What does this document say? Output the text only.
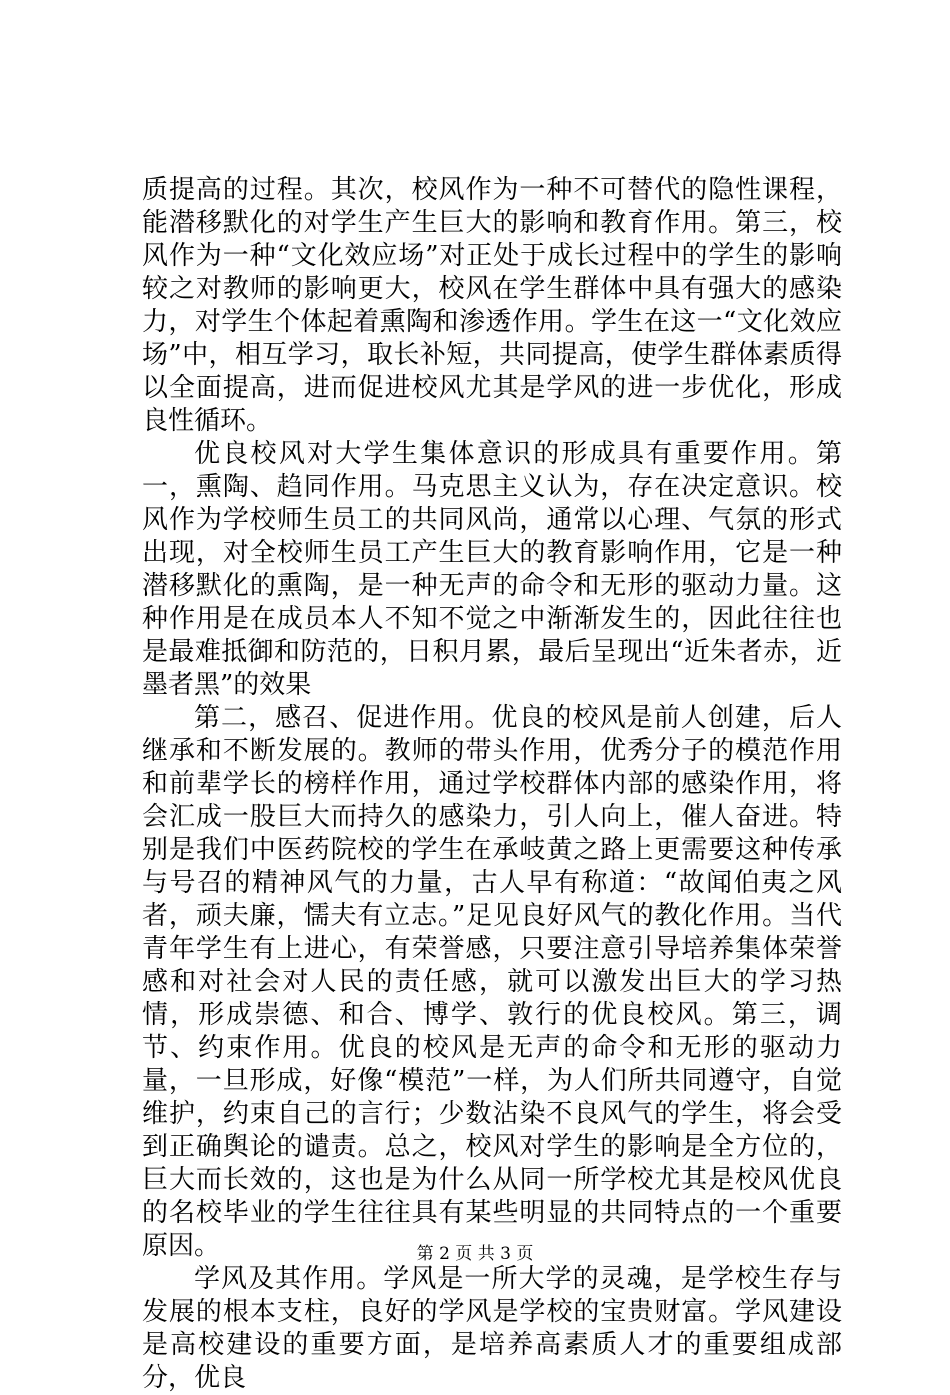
质提高的过程。其次，校风作为一种不可替代的隐性课程，能潜移默化的对学生产生巨大的影响和教育作用。第三，校风作为一种“文化效应场”对正处于成长过程中的学生的影响较之对教师的影响更大，校风在学生群体中具有强大的感染力，对学生个体起着熏陶和渗透作用。学生在这一“文化效应场”中，相互学习，取长补短，共同提高，使学生群体素质得以全面提高，进而促进校风尤其是学风的进一步优化，形成良性循环。

优良校风对大学生集体意识的形成具有重要作用。第一，熏陶、趋同作用。马克思主义认为，存在决定意识。校风作为学校师生员工的共同风尚，通常以心理、气氛的形式出现，对全校师生员工产生巨大的教育影响作用，它是一种潜移默化的熏陶，是一种无声的命令和无形的驱动力量。这种作用是在成员本人不知不觉之中渐渐发生的，因此往往也是最难抵御和防范的，日积月累，最后呈现出“近朱者赤，近墨者黑”的效果

第二，感召、促进作用。优良的校风是前人创建，后人继承和不断发展的。教师的带头作用，优秀分子的模范作用和前辈学长的榜样作用，通过学校群体内部的感染作用，将会汇成一股巨大而持久的感染力，引人向上，催人奋进。特别是我们中医药院校的学生在承岐黄之路上更需要这种传承与号召的精神风气的力量，古人早有称道：“故闻伯夷之风者，顽夫廉，懦夫有立志。”足见良好风气的教化作用。当代青年学生有上进心，有荣誉感，只要注意引导培养集体荣誉感和对社会对人民的责任感，就可以激发出巨大的学习热情，形成崇德、和合、博学、敦行的优良校风。第三，调节、约束作用。优良的校风是无声的命令和无形的驱动力量，一旦形成，好像“模范”一样，为人们所共同遵守，自觉维护，约束自己的言行；少数沾染不良风气的学生，将会受到正确舆论的谴责。总之，校风对学生的影响是全方位的，巨大而长效的，这也是为什么从同一所学校尤其是校风优良的名校毕业的学生往往具有某些明显的共同特点的一个重要原因。

学风及其作用。学风是一所大学的灵魂，是学校生存与发展的根本支柱，良好的学风是学校的宝贵财富。学风建设是高校建设的重要方面，是培养高素质人才的重要组成部分，优良

第 2 页 共 3 页
